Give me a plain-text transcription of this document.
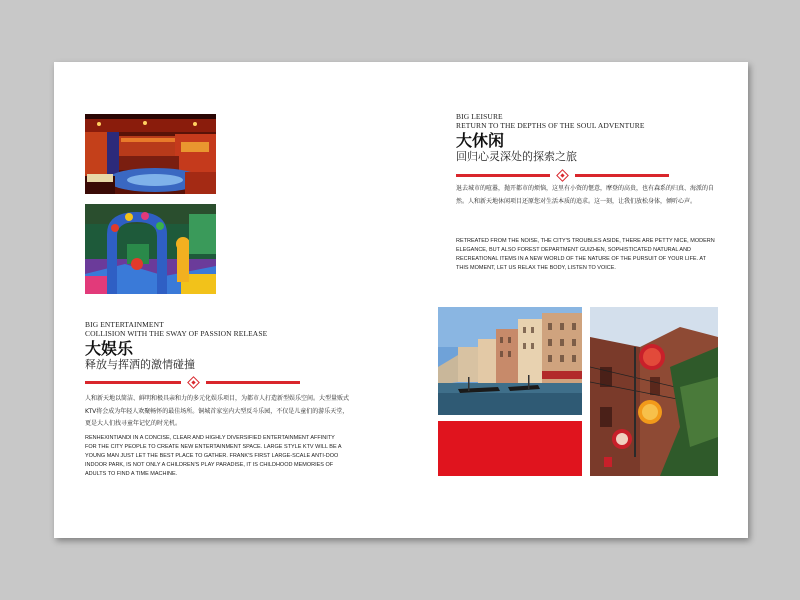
BIG ENTERTAINMENT
COLLISION WITH THE SWAY OF PASSION RELEASE
大娱乐
释放与挥洒的激情碰撞
人和新天地以简洁、鲜明和极具亲和力的多元化娱乐项目，为都市人打造新型娱乐空间。大型量贩式KTV将会成为年轻人欢聚畅怀的最佳场所。铜城首家室内大型反斗乐园，不仅是儿童们的游乐天堂，更是大人们找寻童年记忆的时光机。
RENHEXINTIANDI IN A CONCISE, CLEAR AND HIGHLY DIVERSIFIED ENTERTAINMENT AFFINITY FOR THE CITY PEOPLE TO CREATE NEW ENTERTAINMENT SPACE. LARGE STYLE KTV WILL BE A YOUNG MAN JUST LET THE BEST PLACE TO GATHER. FRANK'S FIRST LARGE-SCALE ANTI-DOO INDOOR PARK, IS NOT ONLY A CHILDREN'S PLAY PARADISE, IT IS CHILDHOOD MEMORIES OF ADULTS TO FIND A TIME MACHINE.
BIG LEISURE
RETURN TO THE DEPTHS OF THE SOUL ADVENTURE
大休闲
回归心灵深处的探索之旅
退去城市的喧嚣，抛开都市的烦恼，这里有小资的惬意，摩登的高贵，也有森系的归真、海派的自然。人和新天地休闲项目还原您对生活本质的追求。这一刻，让我们放松身体，倾听心声。
RETREATED FROM THE NOISE, THE CITY'S TROUBLES ASIDE, THERE ARE PETTY NICE, MODERN ELEGANCE, BUT ALSO FOREST DEPARTMENT GUIZHEN, SOPHISTICATED NATURAL AND RECREATIONAL ITEMS IN A NEW WORLD OF THE NATURE OF THE PURSUIT OF YOUR LIFE. AT THIS MOMENT, LET US RELAX THE BODY, LISTEN TO VOICE.
